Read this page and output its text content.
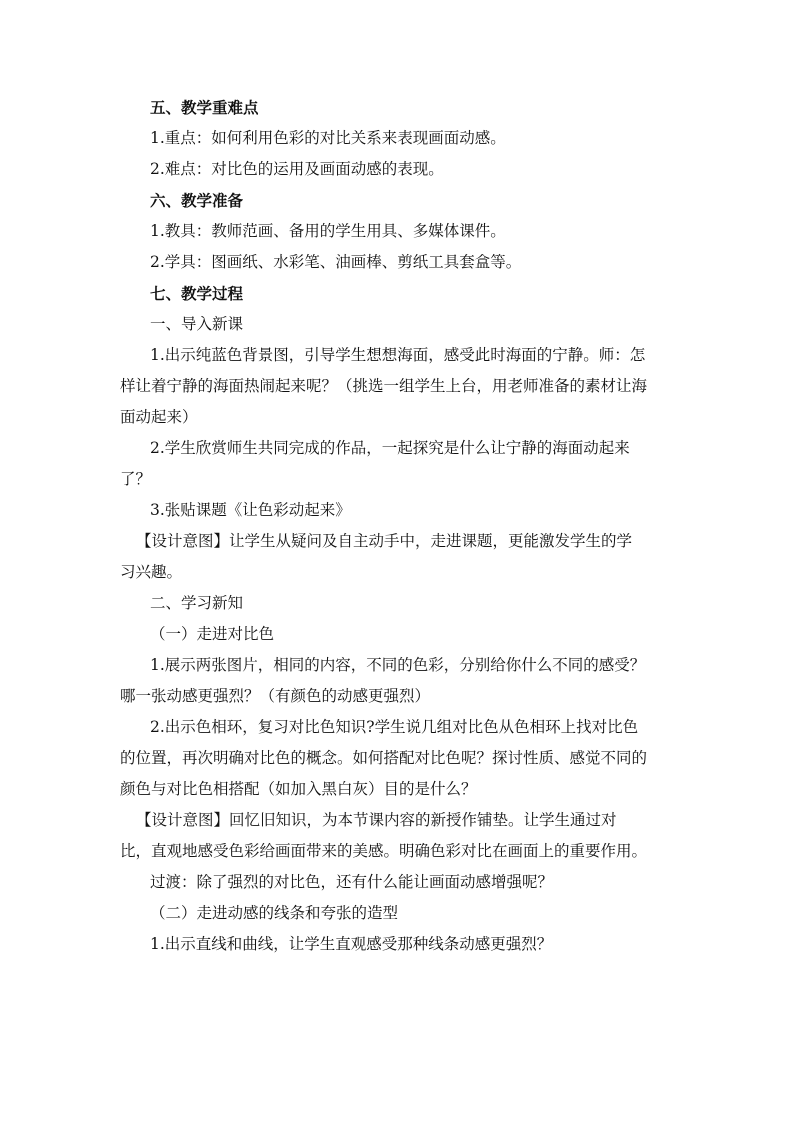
五、教学重难点
1.重点：如何利用色彩的对比关系来表现画面动感。
2.难点：对比色的运用及画面动感的表现。
六、教学准备
1.教具：教师范画、备用的学生用具、多媒体课件。
2.学具：图画纸、水彩笔、油画棒、剪纸工具套盒等。
七、教学过程
一、导入新课
1.出示纯蓝色背景图，引导学生想想海面，感受此时海面的宁静。师：怎
样让着宁静的海面热闹起来呢？（挑选一组学生上台，用老师准备的素材让海
面动起来）
2.学生欣赏师生共同完成的作品，一起探究是什么让宁静的海面动起来
了？
3.张贴课题《让色彩动起来》
【设计意图】让学生从疑问及自主动手中，走进课题，更能激发学生的学
习兴趣。
二、学习新知
（一）走进对比色
1.展示两张图片，相同的内容，不同的色彩，分别给你什么不同的感受？
哪一张动感更强烈？（有颜色的动感更强烈）
2.出示色相环，复习对比色知识?学生说几组对比色从色相环上找对比色
的位置，再次明确对比色的概念。如何搭配对比色呢？探讨性质、感觉不同的
颜色与对比色相搭配（如加入黑白灰）目的是什么？
【设计意图】回忆旧知识，为本节课内容的新授作铺垫。让学生通过对
比，直观地感受色彩给画面带来的美感。明确色彩对比在画面上的重要作用。
过渡：除了强烈的对比色，还有什么能让画面动感增强呢？
（二）走进动感的线条和夸张的造型
1.出示直线和曲线，让学生直观感受那种线条动感更强烈？
